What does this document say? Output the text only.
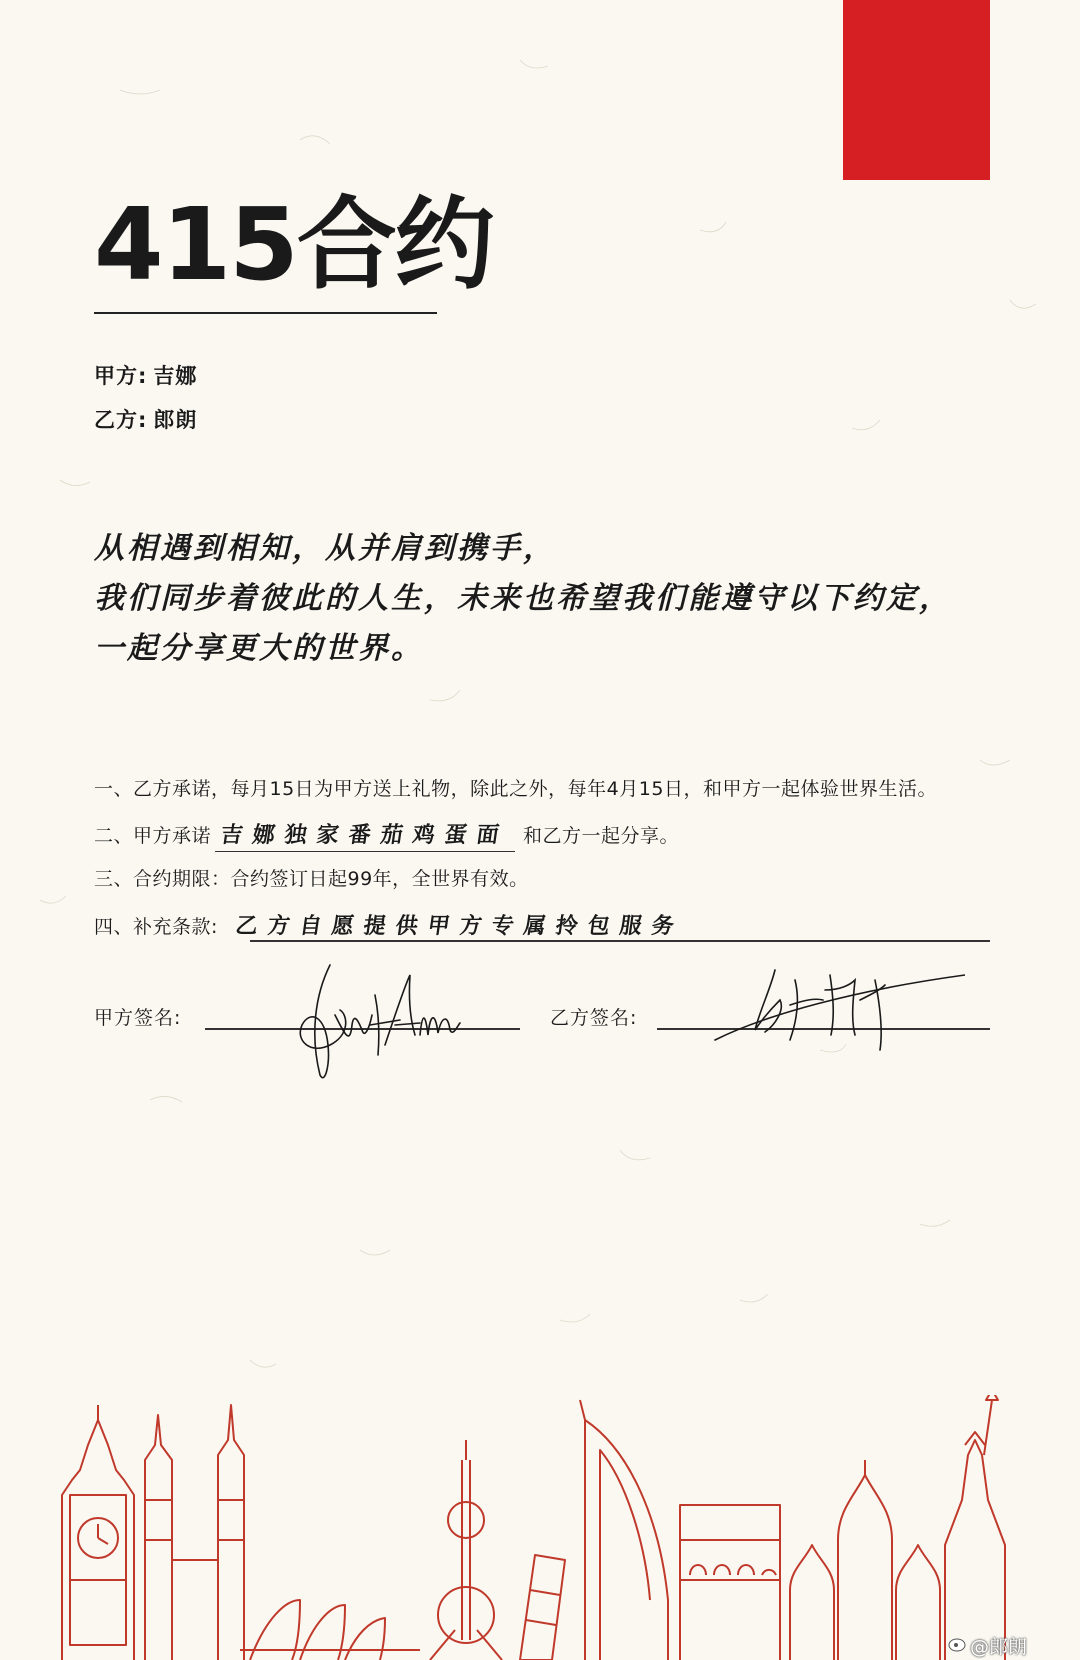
415合约
甲方: 吉娜
乙方: 郎朗
从相遇到相知，从并肩到携手，
我们同步着彼此的人生，未来也希望我们能遵守以下约定，
一起分享更大的世界。
一、乙方承诺，每月15日为甲方送上礼物，除此之外，每年4月15日，和甲方一起体验世界生活。
二、甲方承诺 吉娜独家番茄鸡蛋面 和乙方一起分享。
三、合约期限：合约签订日起99年，全世界有效。
四、补充条款: 乙方自愿提供甲方专属拎包服务
甲方签名:	乙方签名:
@郎朗
